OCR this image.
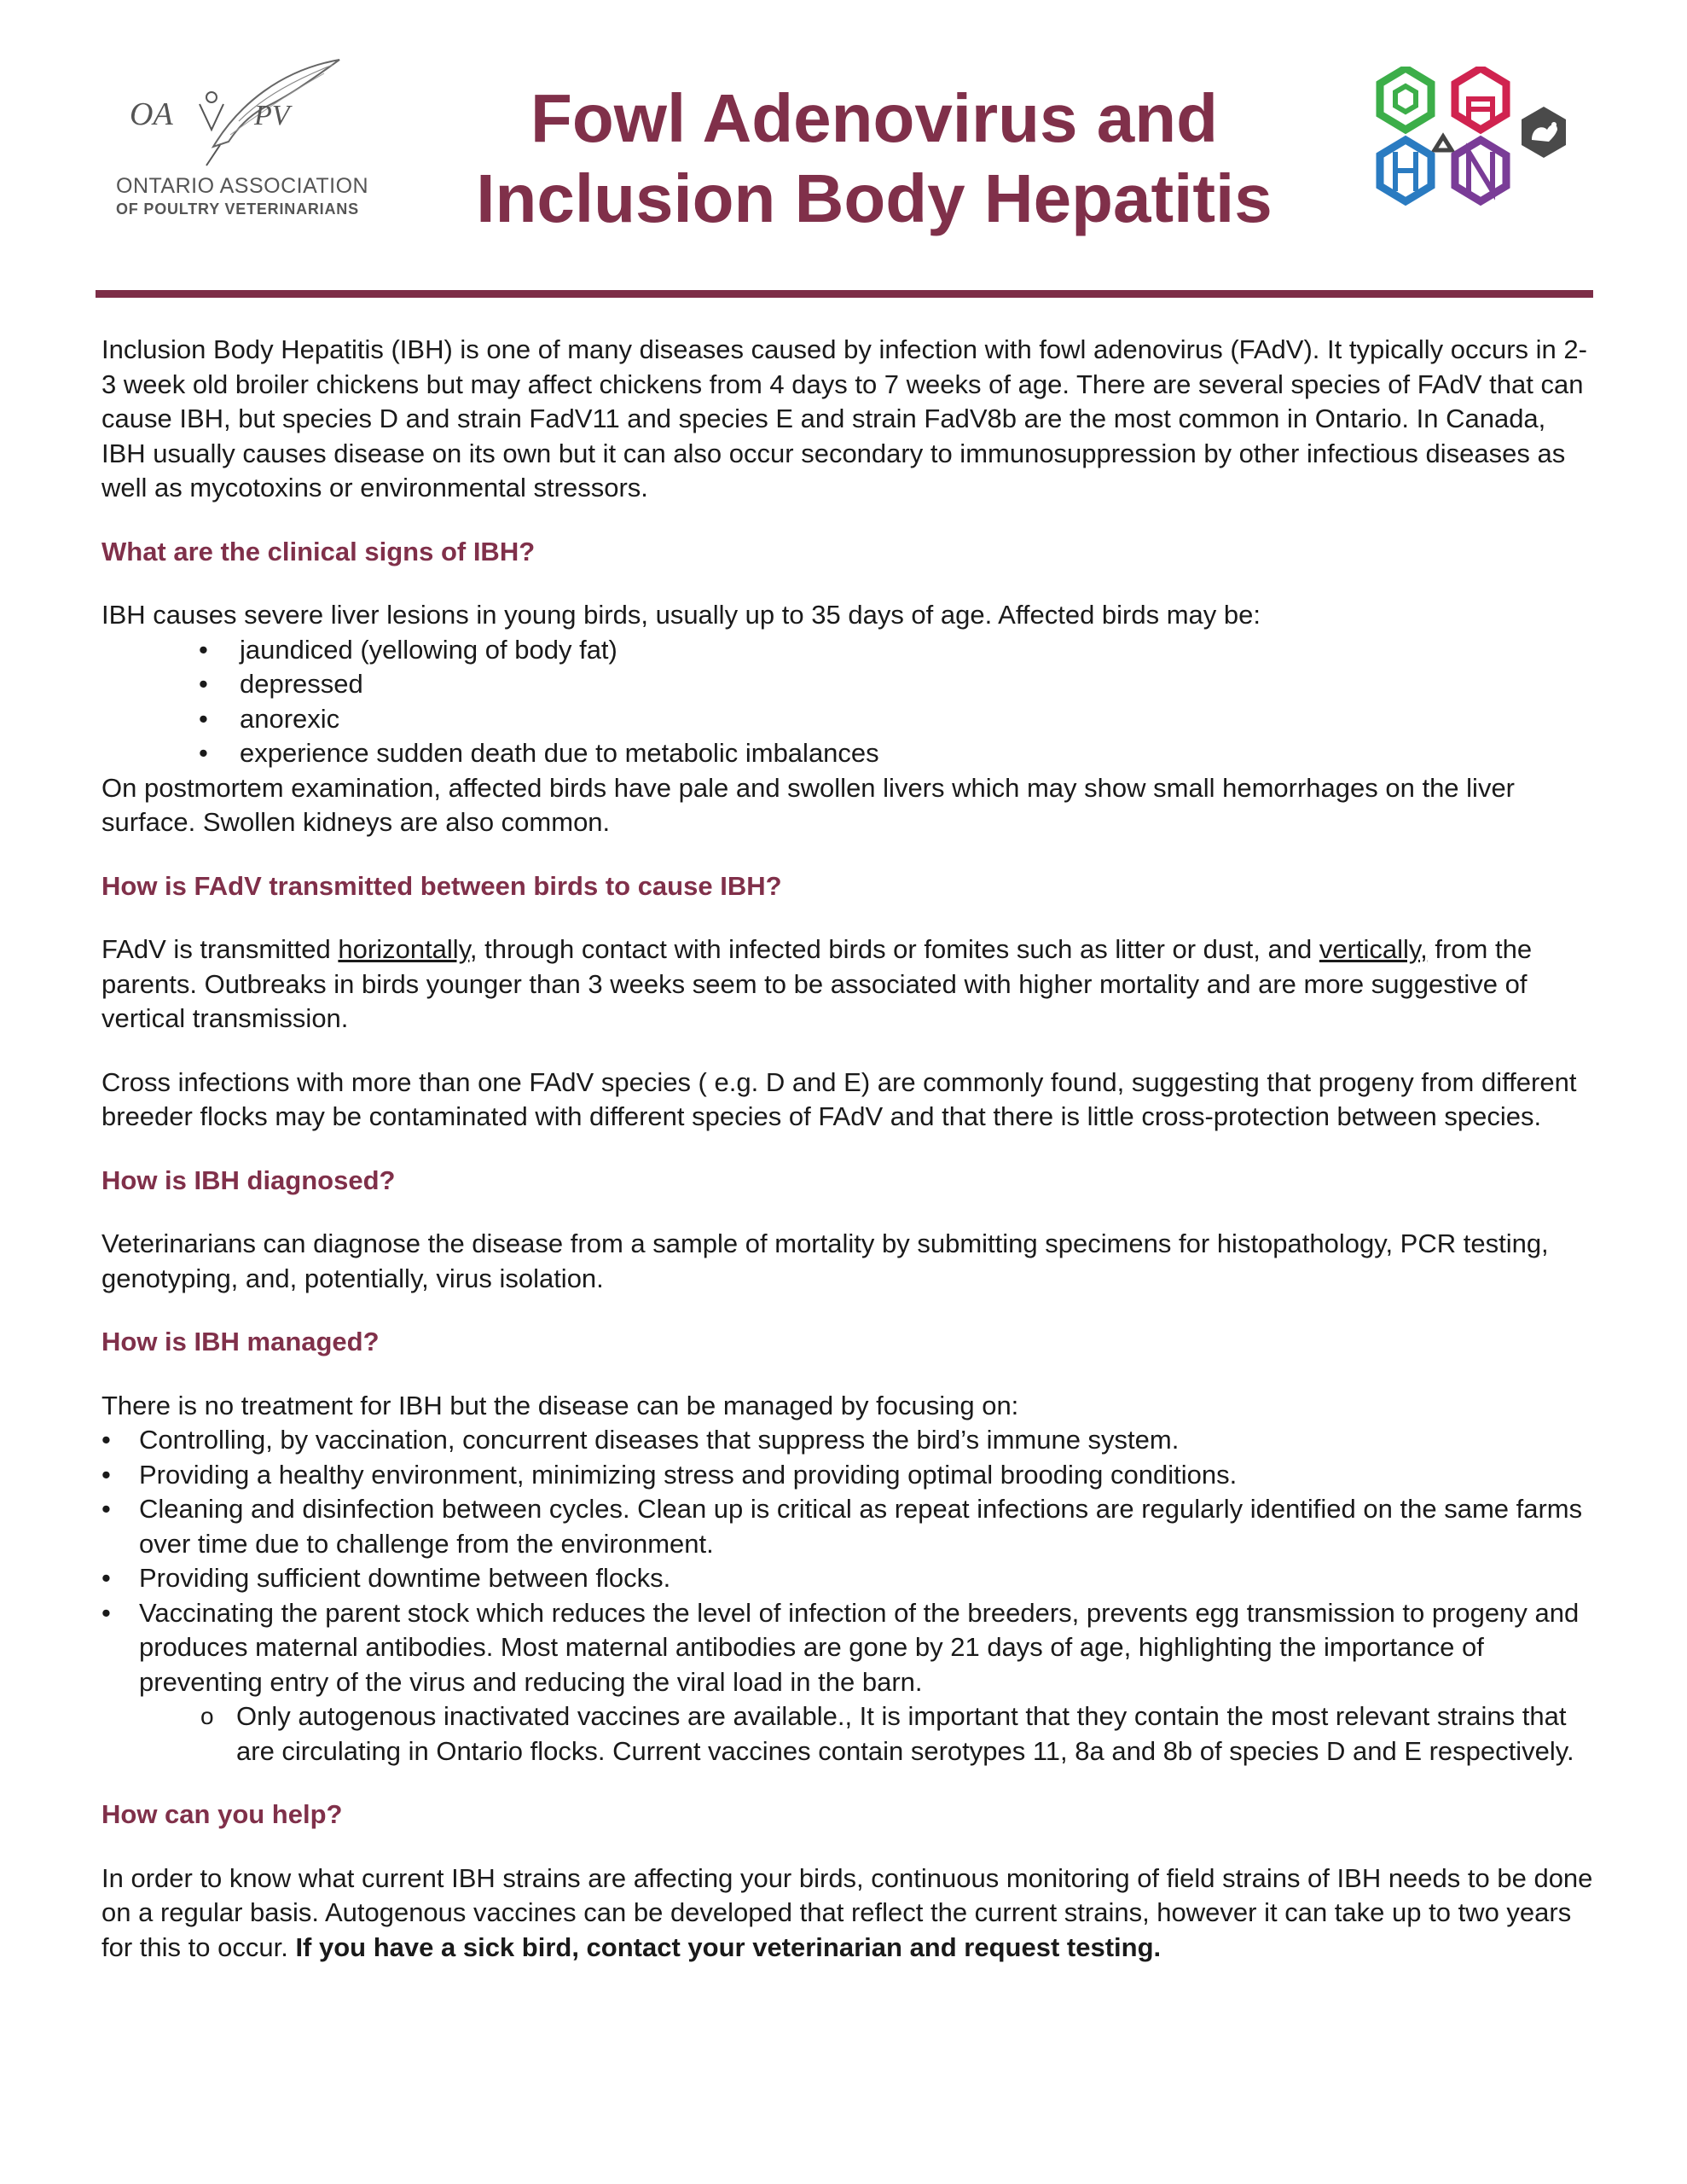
OA	PV
ONTARIO ASSOCIATION
OF POULTRY VETERINARIANS
Fowl Adenovirus and
Inclusion Body Hepatitis

Inclusion Body Hepatitis (IBH) is one of many diseases caused by infection with fowl adenovirus (FAdV). It typically occurs in 2-3 week old broiler chickens but may affect chickens from 4 days to 7 weeks of age. There are several species of FAdV that can cause IBH, but species D and strain FadV11 and species E and strain FadV8b are the most common in Ontario. In Canada, IBH usually causes disease on its own but it can also occur secondary to immunosuppression by other infectious diseases as well as mycotoxins or environmental stressors.

What are the clinical signs of IBH?

IBH causes severe liver lesions in young birds, usually up to 35 days of age. Affected birds may be:

• jaundiced (yellowing of body fat)
• depressed
• anorexic
• experience sudden death due to metabolic imbalances

On postmortem examination, affected birds have pale and swollen livers which may show small hemorrhages on the liver surface. Swollen kidneys are also common.

How is FAdV transmitted between birds to cause IBH?

FAdV is transmitted horizontally, through contact with infected birds or fomites such as litter or dust, and vertically, from the parents. Outbreaks in birds younger than 3 weeks seem to be associated with higher mortality and are more suggestive of vertical transmission.

Cross infections with more than one FAdV species ( e.g. D and E) are commonly found, suggesting that progeny from different breeder flocks may be contaminated with different species of FAdV and that there is little cross-protection between species.

How is IBH diagnosed?

Veterinarians can diagnose the disease from a sample of mortality by submitting specimens for histopathology, PCR testing, genotyping, and, potentially, virus isolation.

How is IBH managed?

There is no treatment for IBH but the disease can be managed by focusing on:

• Controlling, by vaccination, concurrent diseases that suppress the bird’s immune system.
• Providing a healthy environment, minimizing stress and providing optimal brooding conditions.
• Cleaning and disinfection between cycles. Clean up is critical as repeat infections are regularly identified on the same farms over time due to challenge from the environment.
• Providing sufficient downtime between flocks.
• Vaccinating the parent stock which reduces the level of infection of the breeders, prevents egg transmission to progeny and produces maternal antibodies. Most maternal antibodies are gone by 21 days of age, highlighting the importance of preventing entry of the virus and reducing the viral load in the barn.
o Only autogenous inactivated vaccines are available., It is important that they contain the most relevant strains that are circulating in Ontario flocks. Current vaccines contain serotypes 11, 8a and 8b of species D and E respectively.

How can you help?

In order to know what current IBH strains are affecting your birds, continuous monitoring of field strains of IBH needs to be done on a regular basis. Autogenous vaccines can be developed that reflect the current strains, however it can take up to two years for this to occur. If you have a sick bird, contact your veterinarian and request testing.
